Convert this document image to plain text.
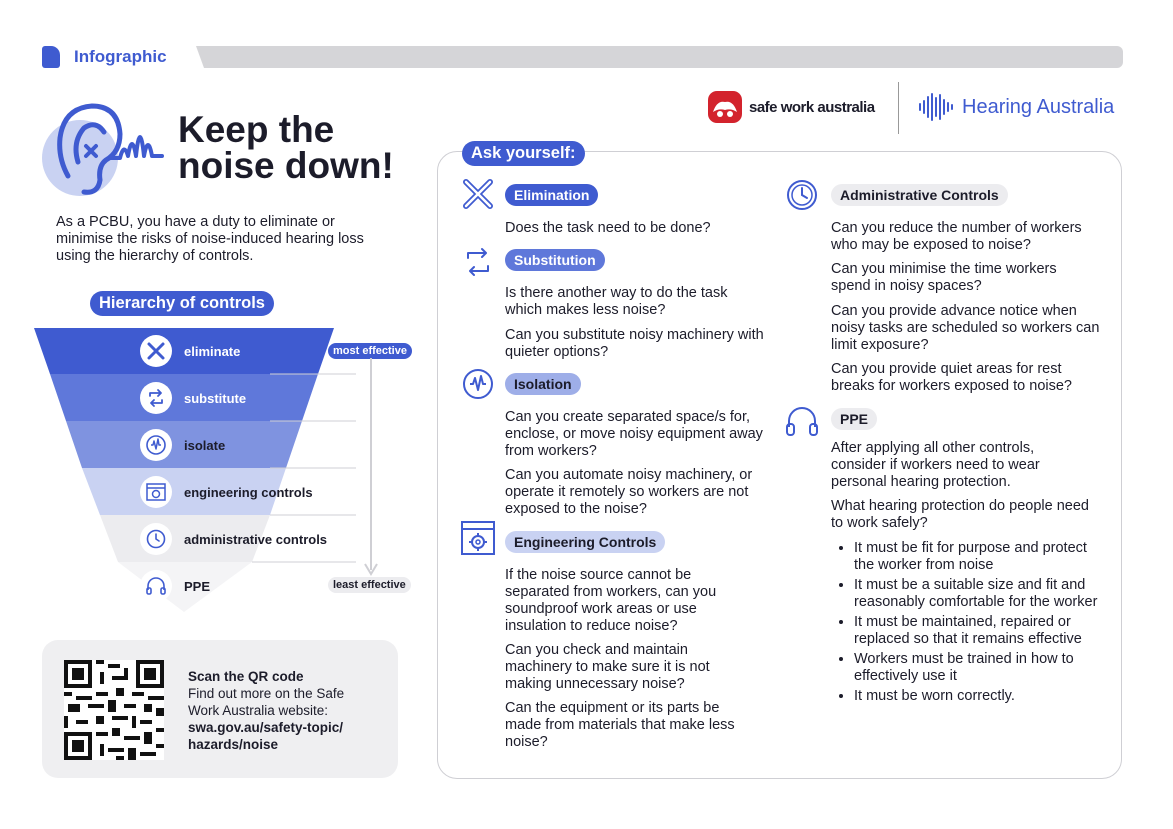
Infographic
safe work australia	Hearing Australia
Keep the
noise down!
As a PCBU, you have a duty to eliminate or minimise the risks of noise-induced hearing loss using the hierarchy of controls.
Hierarchy of controls
eliminate
substitute
isolate
engineering controls
administrative controls
PPE
most effective
least effective
Scan the QR code
Find out more on the Safe Work Australia website:
swa.gov.au/safety-topic/ hazards/noise
Ask yourself:
Elimination
Does the task need to be done?
Substitution
Is there another way to do the task which makes less noise?
Can you substitute noisy machinery with quieter options?
Isolation
Can you create separated space/s for, enclose, or move noisy equipment away from workers?
Can you automate noisy machinery, or operate it remotely so workers are not exposed to the noise?
Engineering Controls
If the noise source cannot be separated from workers, can you soundproof work areas or use insulation to reduce noise?
Can you check and maintain machinery to make sure it is not making unnecessary noise?
Can the equipment or its parts be made from materials that make less noise?
Administrative Controls
Can you reduce the number of workers who may be exposed to noise?
Can you minimise the time workers spend in noisy spaces?
Can you provide advance notice when noisy tasks are scheduled so workers can limit exposure?
Can you provide quiet areas for rest breaks for workers exposed to noise?
PPE
After applying all other controls, consider if workers need to wear personal hearing protection.
What hearing protection do people need to work safely?
• It must be fit for purpose and protect the worker from noise
• It must be a suitable size and fit and reasonably comfortable for the worker
• It must be maintained, repaired or replaced so that it remains effective
• Workers must be trained in how to effectively use it
• It must be worn correctly.
